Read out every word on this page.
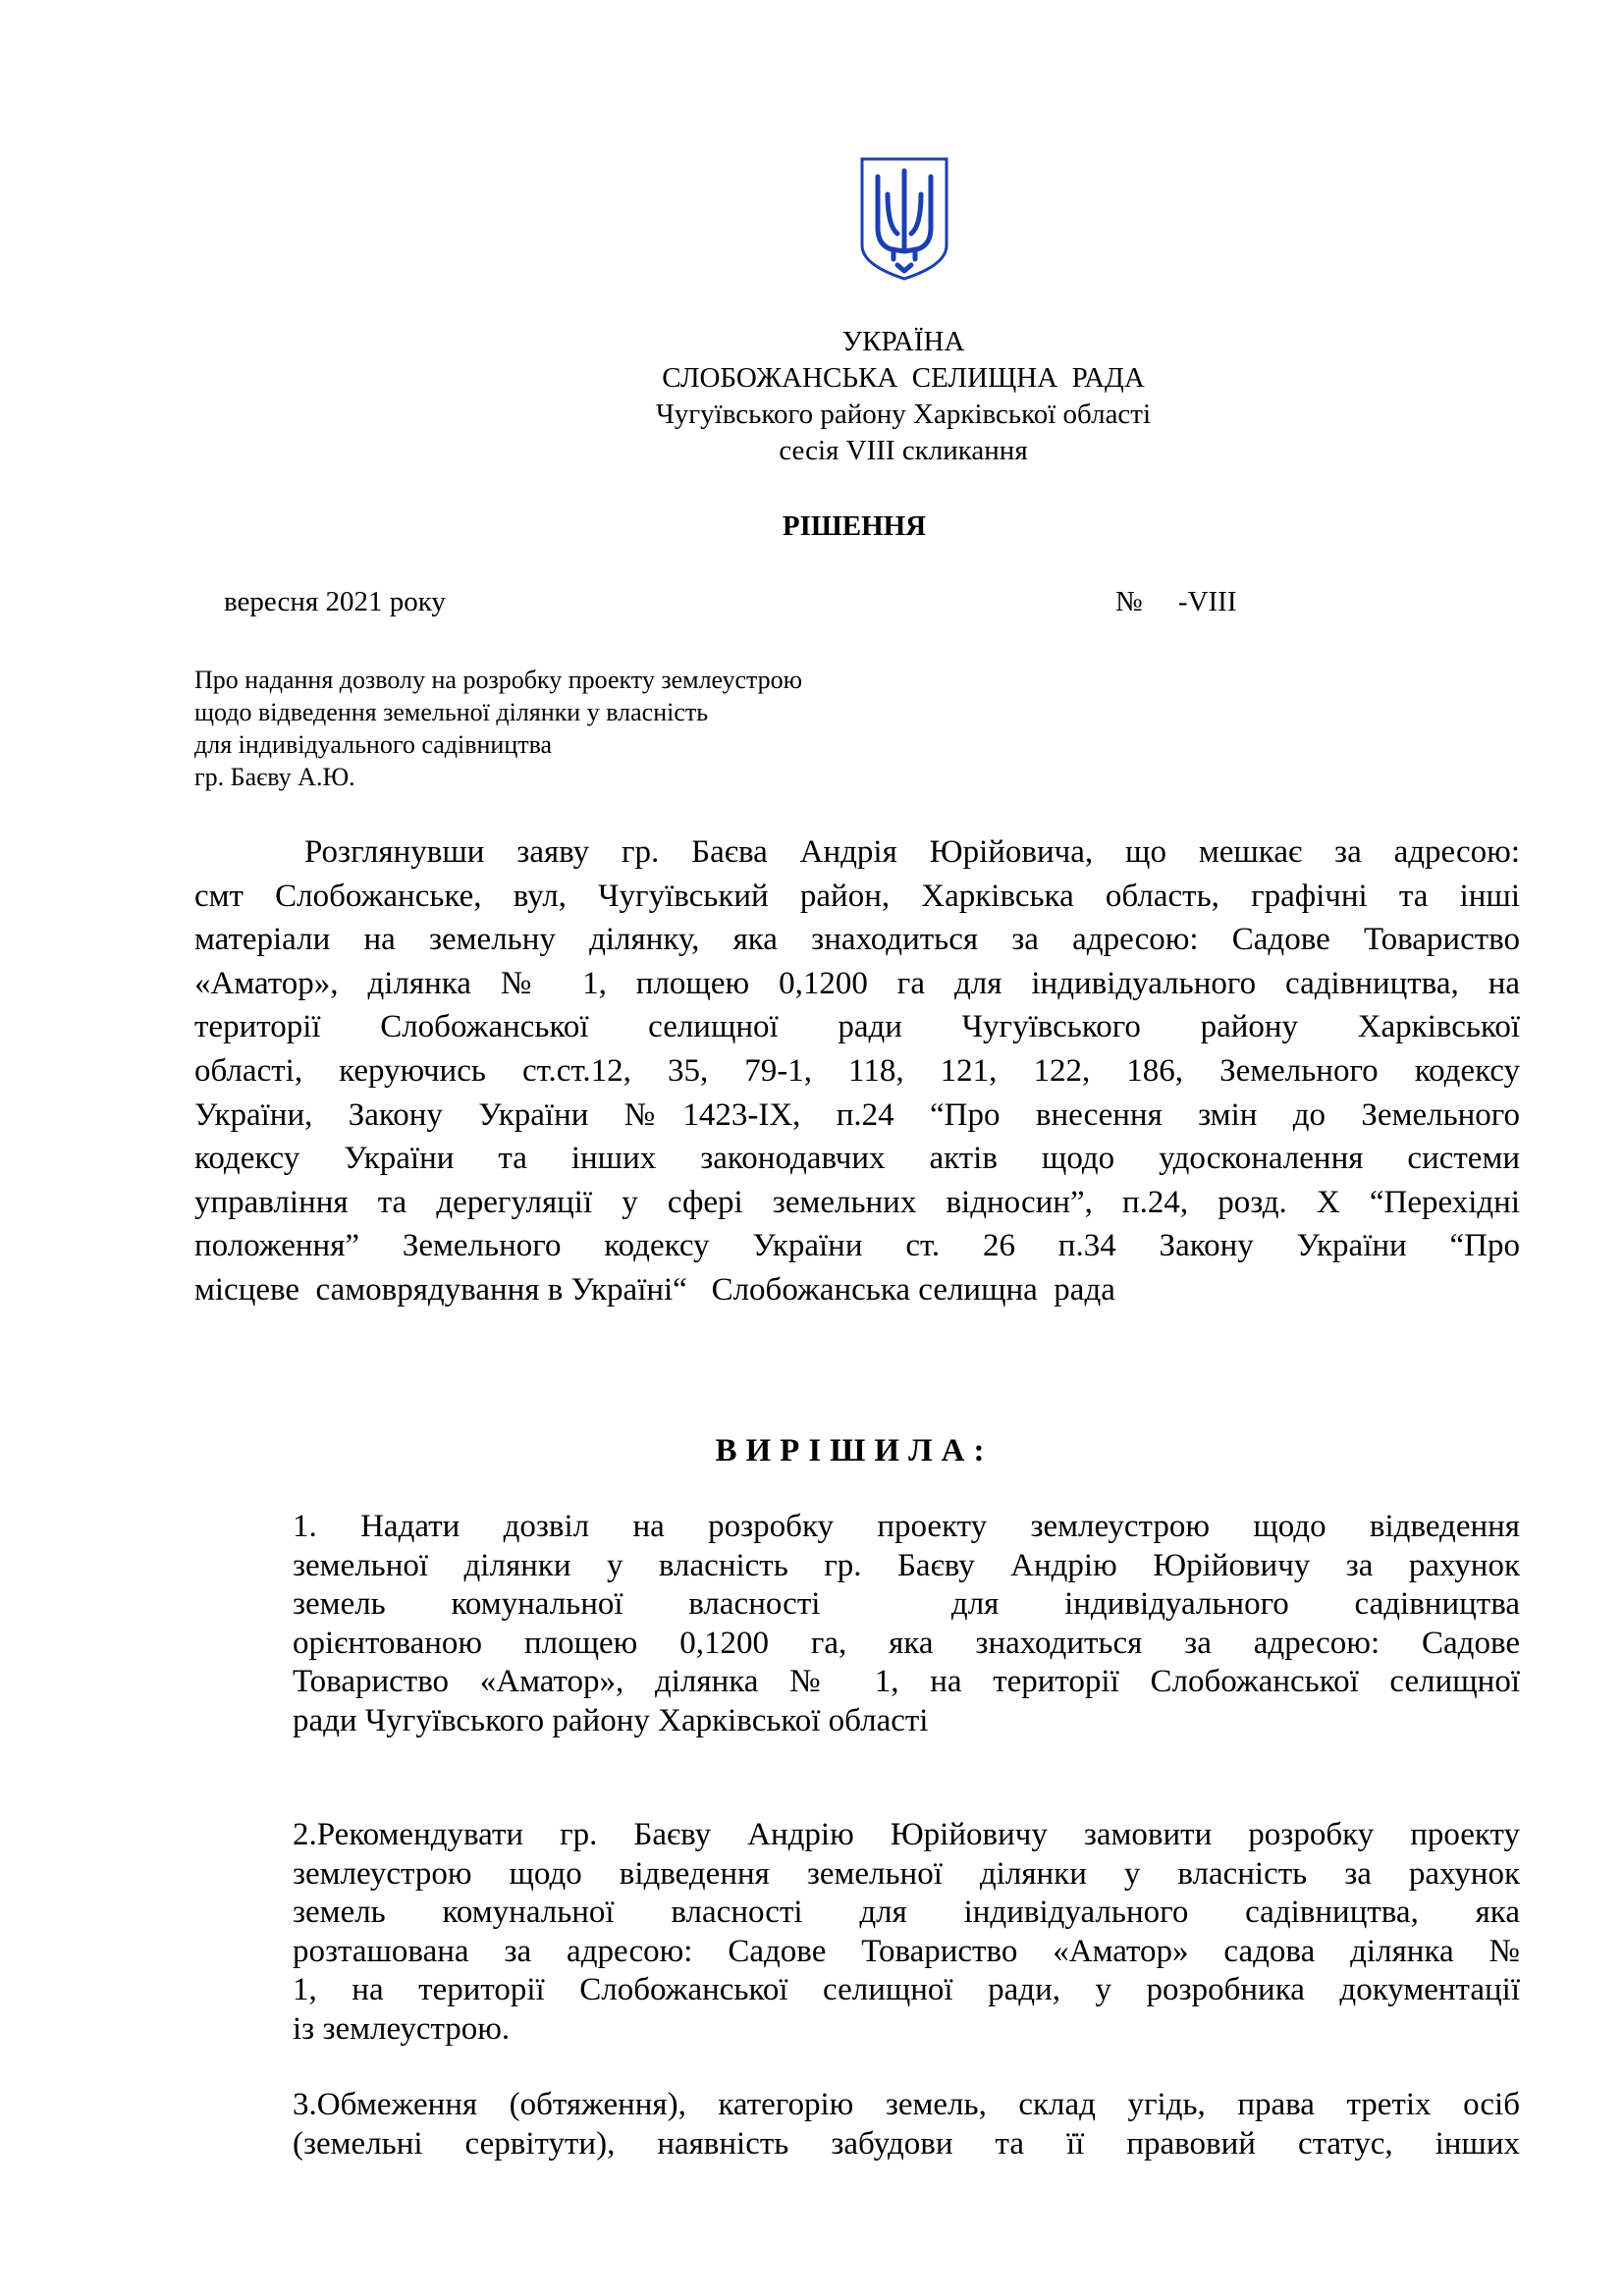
УКРАЇНА
СЛОБОЖАНСЬКА  СЕЛИЩНА  РАДА
Чугуївського району Харківської області
сесія VIII скликання
РІШЕННЯ
вересня 2021 року	№     -VIII
Про надання дозволу на розробку проекту землеустрою
щодо відведення земельної ділянки у власність
для індивідуального садівництва
гр. Баєву А.Ю.
Розглянувши заяву гр. Баєва Андрія Юрійовича, що мешкає за адресою:
смт Слобожанське, вул, Чугуївський район, Харківська область, графічні та інші
матеріали на земельну ділянку, яка знаходиться за адресою: Садове Товариство
«Аматор», ділянка № 1, площею 0,1200 га для індивідуального садівництва, на
території  Слобожанської  селищної  ради  Чугуївського  району  Харківської
області, керуючись ст.ст.12, 35, 79-1, 118, 121, 122, 186, Земельного кодексу
України, Закону України №1423-IX, п.24 “Про внесення змін до Земельного
кодексу України та інших законодавчих актів щодо удосконалення системи
управління та дерегуляції у сфері земельних відносин”, п.24, розд. X “Перехідні
положення” Земельного кодексу України ст. 26 п.34 Закону України “Про
місцеве  самоврядування в Україні“   Слобожанська селищна  рада
ВИРІШИЛА:
1. Надати дозвіл на розробку проекту землеустрою щодо відведення
земельної ділянки у власність гр. Баєву Андрію Юрійовичу за рахунок
земель  комунальної  власності    для  індивідуального  садівництва
орієнтованою площею 0,1200 га, яка знаходиться за адресою: Садове
Товариство «Аматор», ділянка № 1, на території Слобожанської селищної
ради Чугуївського району Харківської області
2.Рекомендувати гр. Баєву Андрію Юрійовичу замовити розробку проекту
землеустрою щодо відведення земельної ділянки у власність за рахунок
земель комунальної власності для індивідуального садівництва, яка
розташована за адресою: Садове Товариство «Аматор» садова ділянка №
1, на території Слобожанської селищної ради, у розробника документації
із землеустрою.
3.Обмеження (обтяження), категорію земель, склад угідь, права третіх осіб
(земельні сервітути), наявність забудови та її правовий статус, інших
